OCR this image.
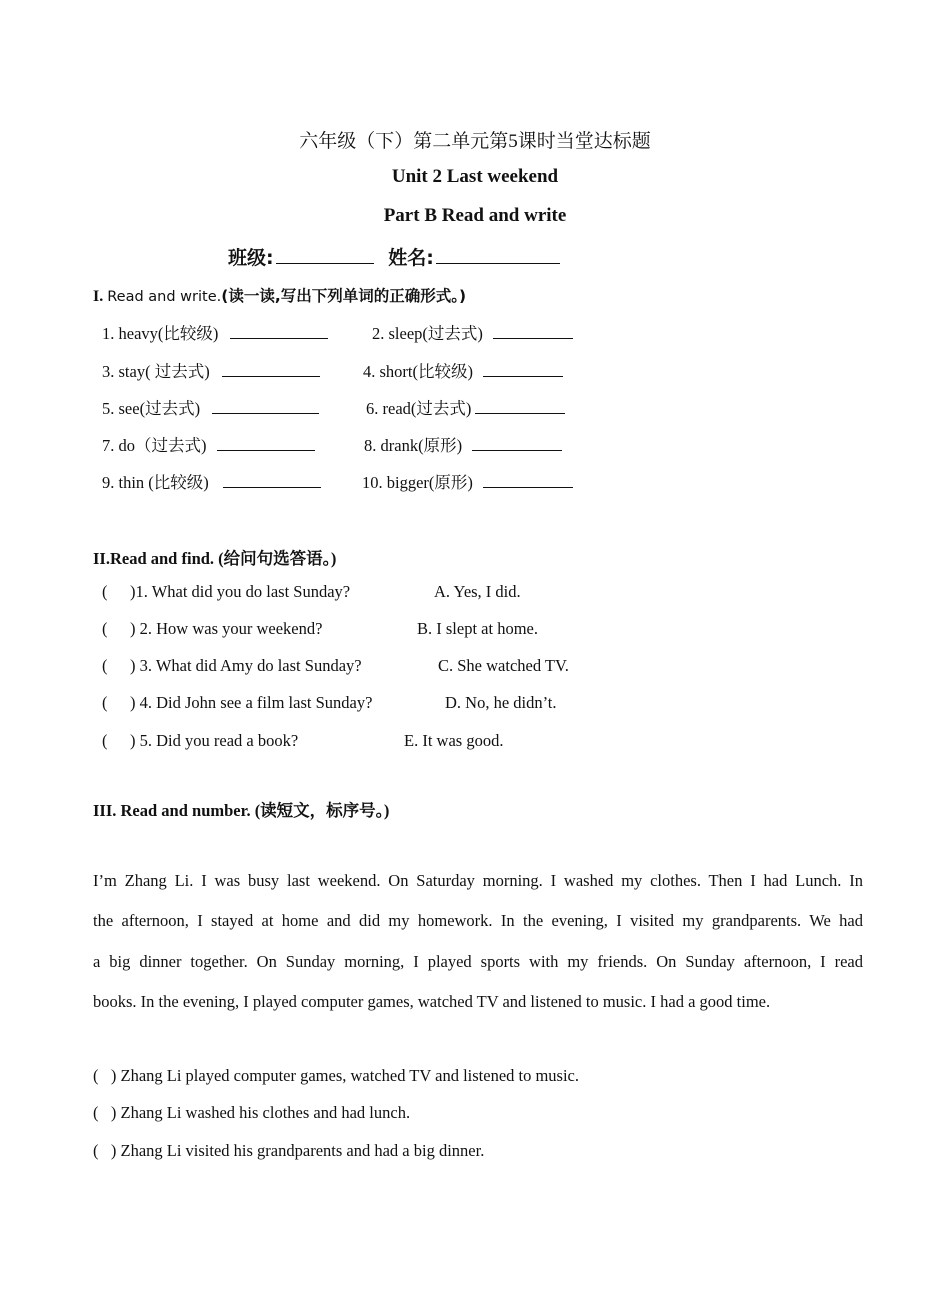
六年级（下）第二单元第5课时当堂达标题
Unit 2 Last weekend
Part B Read and write
班级:	姓名:
I. Read and write.(读一读,写出下列单词的正确形式。)
1. heavy(比较级)	2. sleep(过去式)
3. stay( 过去式)	4. short(比较级)
5. see(过去式)	6. read(过去式)
7. do（过去式)	8. drank(原形)
9. thin (比较级)	10. bigger(原形)
II.Read and find. (给问句选答语。)
( )1. What did you do last Sunday?	A. Yes, I did.
( ) 2. How was your weekend?	B. I slept at home.
( ) 3. What did Amy do last Sunday?	C. She watched TV.
( ) 4. Did John see a film last Sunday?	D. No, he didn’t.
( ) 5. Did you read a book?	E. It was good.
III. Read and number. (读短文，标序号。)
I’m Zhang Li. I was busy last weekend. On Saturday morning. I washed my clothes. Then I had Lunch. In
the afternoon, I stayed at home and did my homework. In the evening, I visited my grandparents. We had
a big dinner together. On Sunday morning, I played sports with my friends. On Sunday afternoon, I read
books. In the evening, I played computer games, watched TV and listened to music. I had a good time.
(   ) Zhang Li played computer games, watched TV and listened to music.
(   ) Zhang Li washed his clothes and had lunch.
(   ) Zhang Li visited his grandparents and had a big dinner.
